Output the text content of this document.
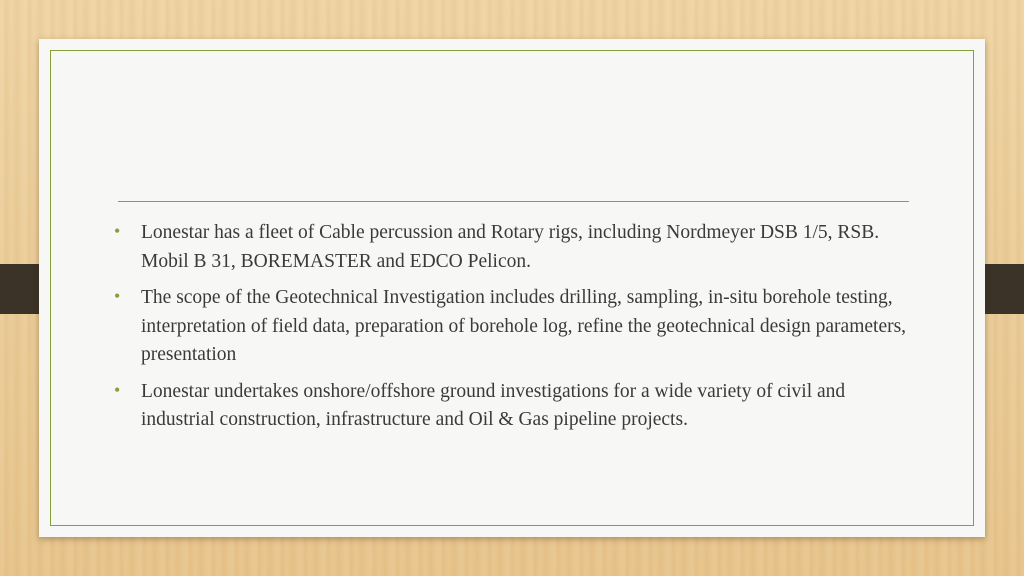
• Lonestar has a fleet of Cable percussion and Rotary rigs, including Nordmeyer DSB 1/5, RSB. Mobil B 31, BOREMASTER and EDCO Pelicon.
• The scope of the Geotechnical Investigation includes drilling, sampling, in-situ borehole testing, interpretation of field data, preparation of borehole log, refine the geotechnical design parameters, presentation
• Lonestar undertakes onshore/offshore ground investigations for a wide variety of civil and industrial construction, infrastructure and Oil & Gas pipeline projects.
